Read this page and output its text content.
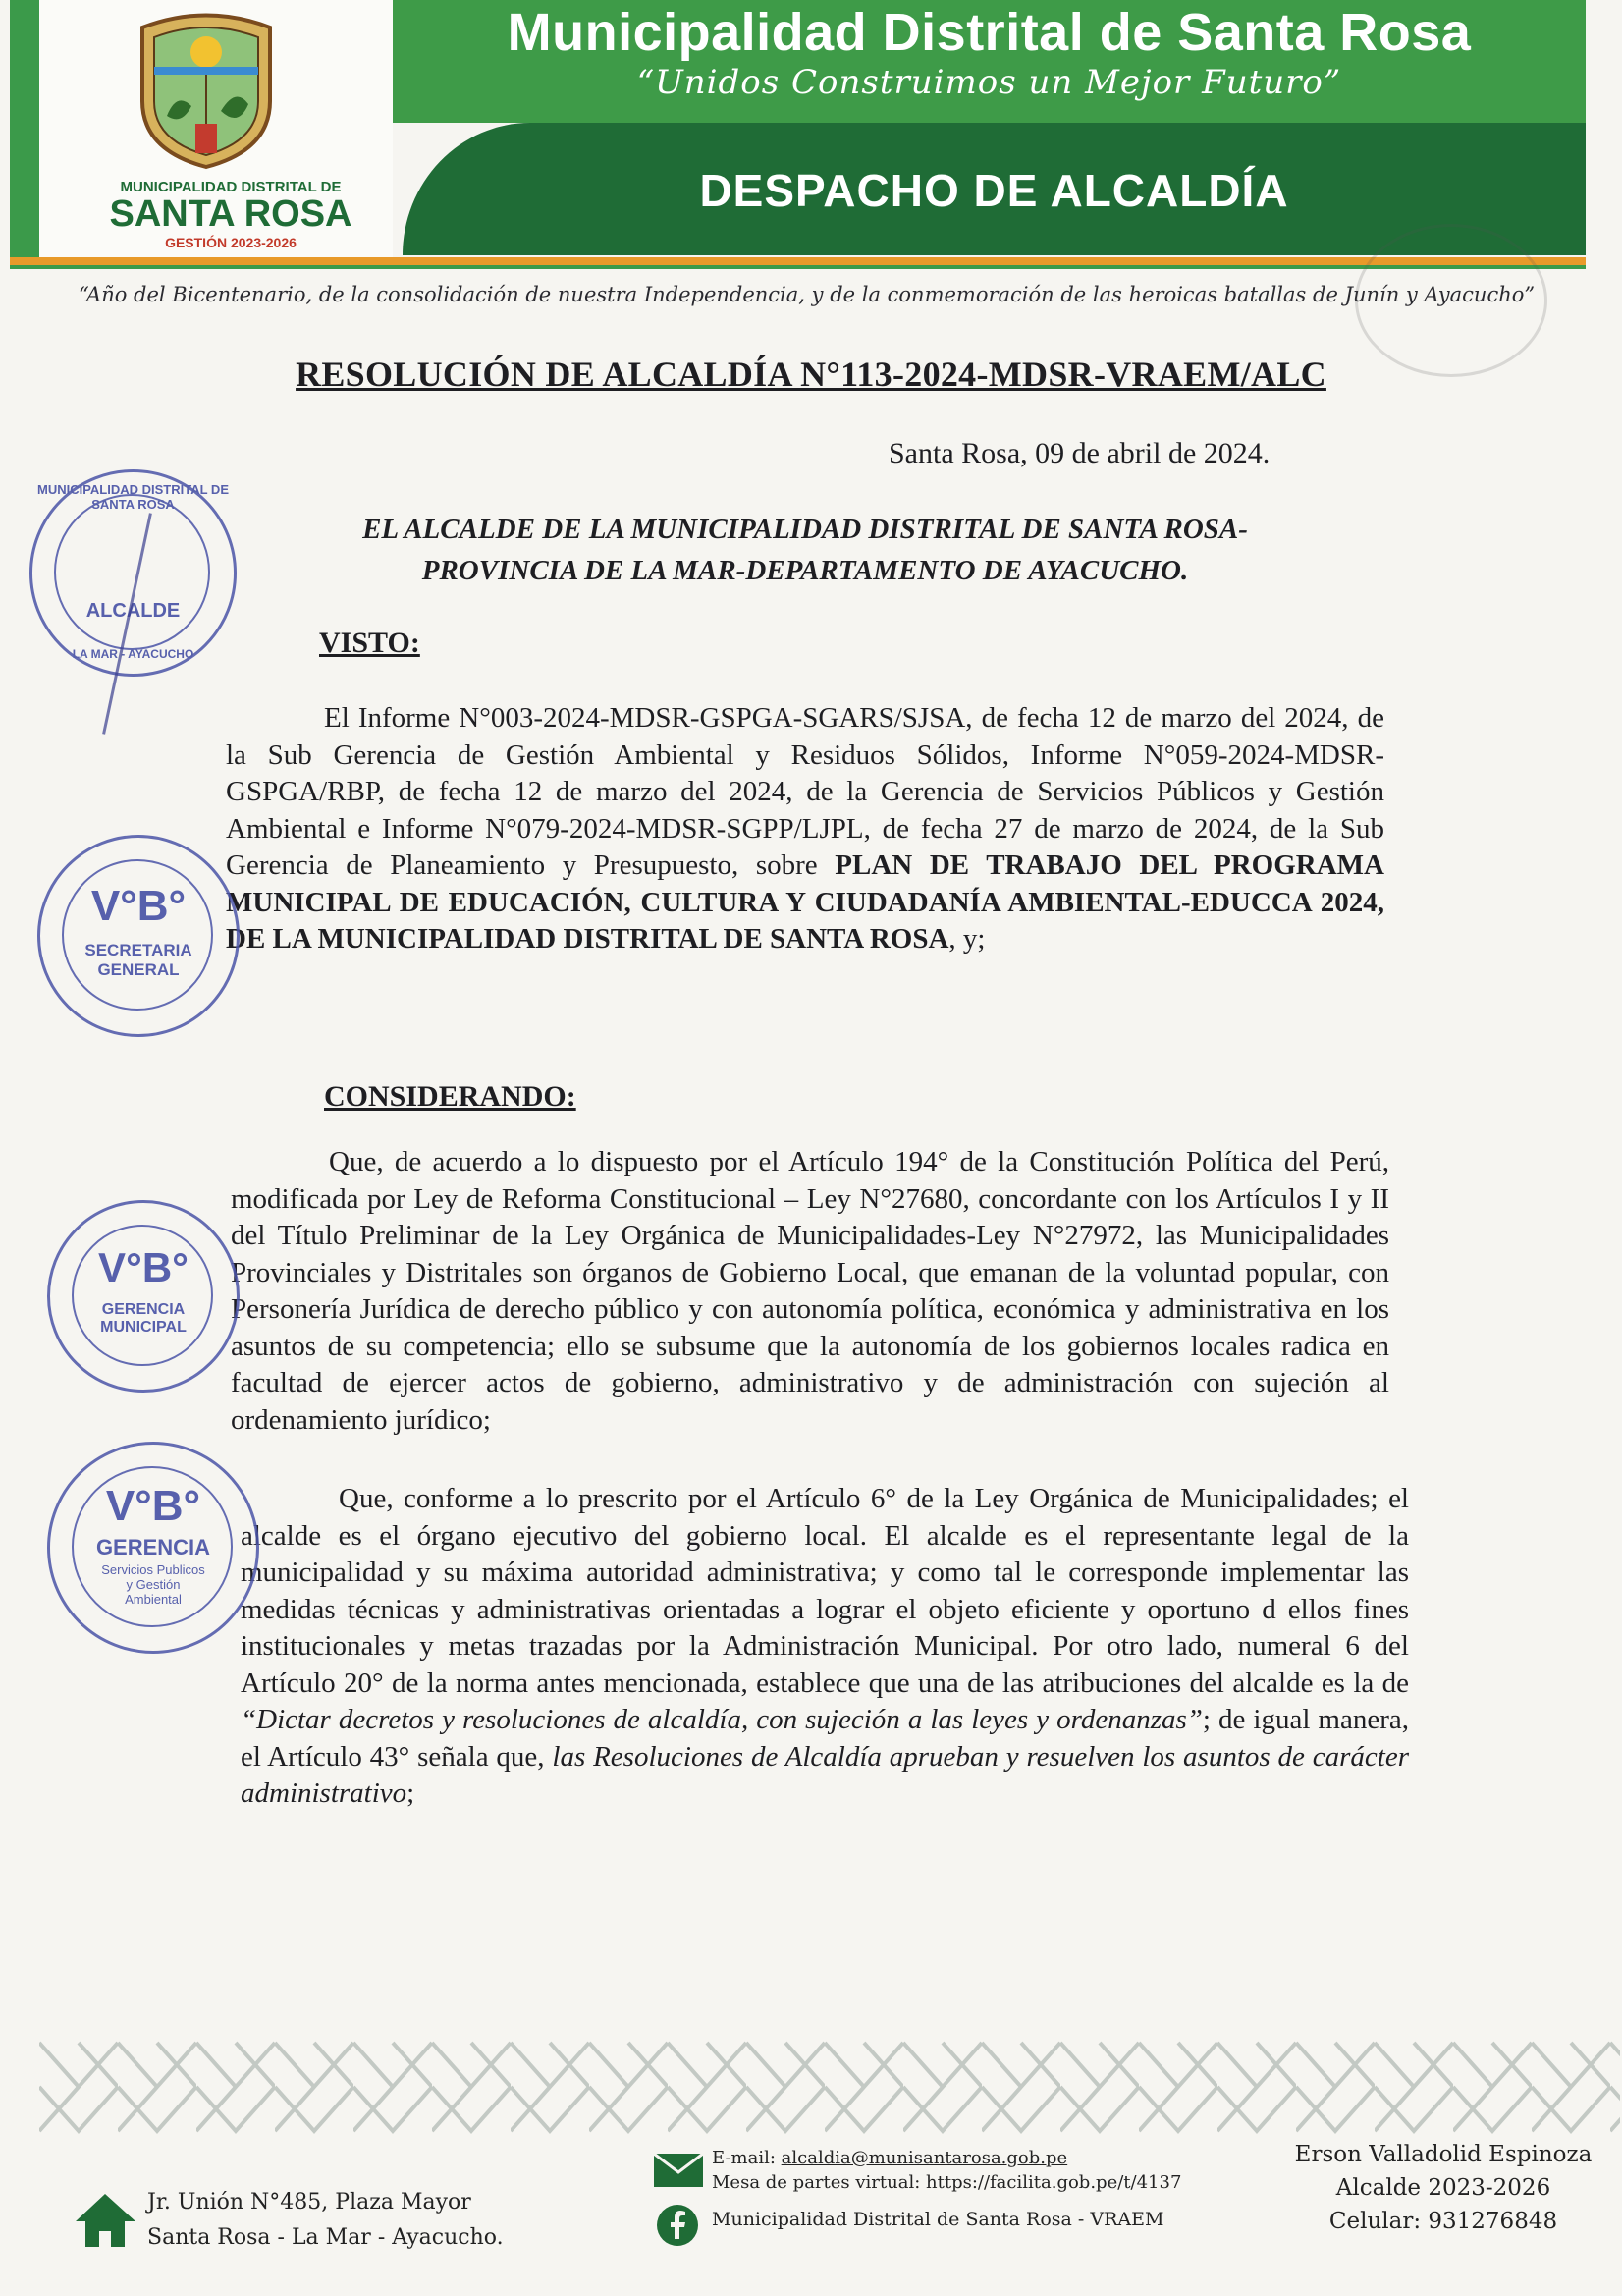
MUNICIPALIDAD DISTRITAL DE
SANTA ROSA
GESTIÓN 2023-2026
Municipalidad Distrital de Santa Rosa
“Unidos Construimos un Mejor Futuro”
DESPACHO DE ALCALDÍA
“Año del Bicentenario, de la consolidación de nuestra Independencia, y de la conmemoración de las heroicas batallas de Junín y Ayacucho”
RESOLUCIÓN DE ALCALDÍA N°113-2024-MDSR-VRAEM/ALC
Santa Rosa, 09 de abril de 2024.
EL ALCALDE DE LA MUNICIPALIDAD DISTRITAL DE SANTA ROSA-
PROVINCIA DE LA MAR-DEPARTAMENTO DE AYACUCHO.
VISTO:
El Informe N°003-2024-MDSR-GSPGA-SGARS/SJSA, de fecha 12 de marzo del 2024, de la Sub Gerencia de Gestión Ambiental y Residuos Sólidos, Informe N°059-2024-MDSR-GSPGA/RBP, de fecha 12 de marzo del 2024, de la Gerencia de Servicios Públicos y Gestión Ambiental e Informe N°079-2024-MDSR-SGPP/LJPL, de fecha 27 de marzo de 2024, de la Sub Gerencia de Planeamiento y Presupuesto, sobre PLAN DE TRABAJO DEL PROGRAMA MUNICIPAL DE EDUCACIÓN, CULTURA Y CIUDADANÍA AMBIENTAL-EDUCCA 2024, DE LA MUNICIPALIDAD DISTRITAL DE SANTA ROSA, y;
CONSIDERANDO:
Que, de acuerdo a lo dispuesto por el Artículo 194° de la Constitución Política del Perú, modificada por Ley de Reforma Constitucional – Ley N°27680, concordante con los Artículos I y II del Título Preliminar de la Ley Orgánica de Municipalidades-Ley N°27972, las Municipalidades Provinciales y Distritales son órganos de Gobierno Local, que emanan de la voluntad popular, con Personería Jurídica de derecho público y con autonomía política, económica y administrativa en los asuntos de su competencia; ello se subsume que la autonomía de los gobiernos locales radica en facultad de ejercer actos de gobierno, administrativo y de administración con sujeción al ordenamiento jurídico;
Que, conforme a lo prescrito por el Artículo 6° de la Ley Orgánica de Municipalidades; el alcalde es el órgano ejecutivo del gobierno local. El alcalde es el representante legal de la municipalidad y su máxima autoridad administrativa; y como tal le corresponde implementar las medidas técnicas y administrativas orientadas a lograr el objeto eficiente y oportuno d ellos fines institucionales y metas trazadas por la Administración Municipal. Por otro lado, numeral 6 del Artículo 20° de la norma antes mencionada, establece que una de las atribuciones del alcalde es la de “Dictar decretos y resoluciones de alcaldía, con sujeción a las leyes y ordenanzas”; de igual manera, el Artículo 43° señala que, las Resoluciones de Alcaldía aprueban y resuelven los asuntos de carácter administrativo;
MUNICIPALIDAD DISTRITAL DE SANTA ROSA
ALCALDE
LA MAR - AYACUCHO
V°B°
SECRETARIA GENERAL
V°B°
GERENCIA MUNICIPAL
V°B°
GERENCIA
Servicios Publicos y Gestión Ambiental
Jr. Unión N°485, Plaza Mayor
Santa Rosa - La Mar - Ayacucho.
E-mail: alcaldia@munisantarosa.gob.pe
Mesa de partes virtual: https://facilita.gob.pe/t/4137
Municipalidad Distrital de Santa Rosa - VRAEM
Erson Valladolid Espinoza
Alcalde 2023-2026
Celular: 931276848
